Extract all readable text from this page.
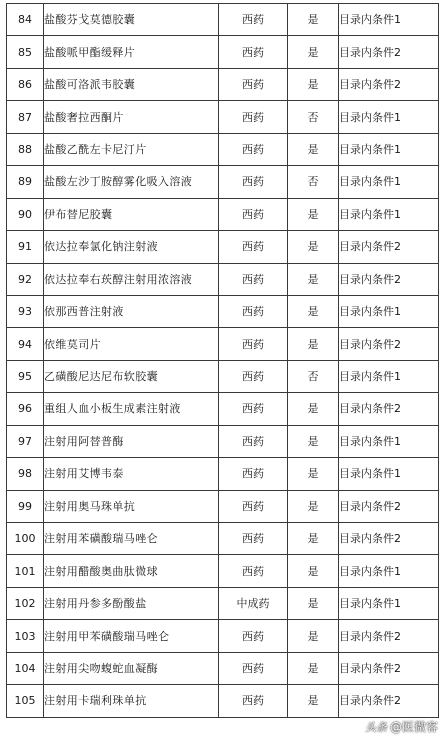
84	盐酸芬戈莫德胶囊	西药	是	目录内条件1
85	盐酸哌甲酯缓释片	西药	是	目录内条件2
86	盐酸可洛派韦胶囊	西药	是	目录内条件2
87	盐酸奢拉西酮片	西药	否	目录内条件1
88	盐酸乙酰左卡尼汀片	西药	是	目录内条件1
89	盐酸左沙丁胺醇雾化吸入溶液	西药	否	目录内条件1
90	伊布替尼胶囊	西药	是	目录内条件1
91	依达拉奉氯化钠注射液	西药	是	目录内条件2
92	依达拉奉右莰醇注射用浓溶液	西药	是	目录内条件2
93	依那西普注射液	西药	是	目录内条件1
94	依维莫司片	西药	是	目录内条件2
95	乙磺酸尼达尼布软胶囊	西药	否	目录内条件1
96	重组人血小板生成素注射液	西药	是	目录内条件2
97	注射用阿替普酶	西药	是	目录内条件1
98	注射用艾博韦泰	西药	是	目录内条件1
99	注射用奥马珠单抗	西药	是	目录内条件2
100	注射用苯磺酸瑞马唑仑	西药	是	目录内条件2
101	注射用醋酸奥曲肽微球	西药	是	目录内条件1
102	注射用丹参多酚酸盐	中成药	是	目录内条件1
103	注射用甲苯磺酸瑞马唑仑	西药	是	目录内条件2
104	注射用尖吻蝮蛇血凝酶	西药	是	目录内条件2
105	注射用卡瑞利珠单抗	西药	是	目录内条件2
头条 @医微客
